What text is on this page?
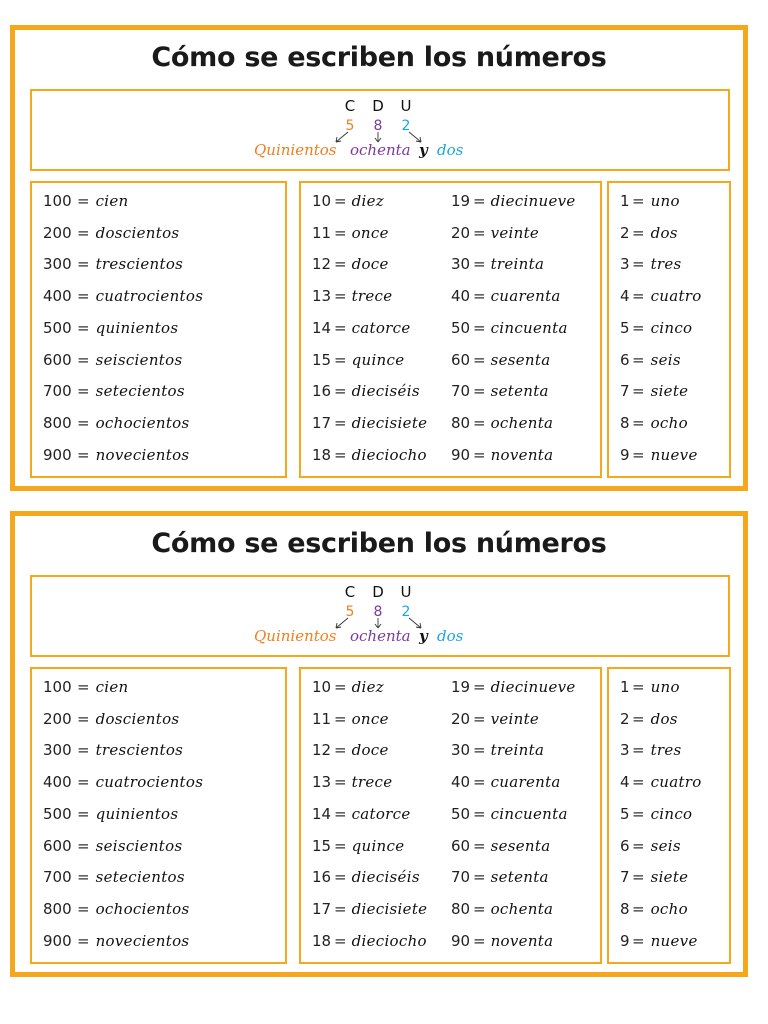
Cómo se escriben los números
C D U
5 8 2
Quinientos ochenta y dos
100 = cien
200 = doscientos
300 = trescientos
400 = cuatrocientos
500 = quinientos
600 = seiscientos
700 = setecientos
800 = ochocientos
900 = novecientos
10 = diez
11 = once
12 = doce
13 = trece
14 = catorce
15 = quince
16 = dieciséis
17 = diecisiete
18 = dieciocho
19 = diecinueve
20 = veinte
30 = treinta
40 = cuarenta
50 = cincuenta
60 = sesenta
70 = setenta
80 = ochenta
90 = noventa
1 = uno
2 = dos
3 = tres
4 = cuatro
5 = cinco
6 = seis
7 = siete
8 = ocho
9 = nueve
Cómo se escriben los números
C D U
5 8 2
Quinientos ochenta y dos
100 = cien
200 = doscientos
300 = trescientos
400 = cuatrocientos
500 = quinientos
600 = seiscientos
700 = setecientos
800 = ochocientos
900 = novecientos
10 = diez
11 = once
12 = doce
13 = trece
14 = catorce
15 = quince
16 = dieciséis
17 = diecisiete
18 = dieciocho
19 = diecinueve
20 = veinte
30 = treinta
40 = cuarenta
50 = cincuenta
60 = sesenta
70 = setenta
80 = ochenta
90 = noventa
1 = uno
2 = dos
3 = tres
4 = cuatro
5 = cinco
6 = seis
7 = siete
8 = ocho
9 = nueve
